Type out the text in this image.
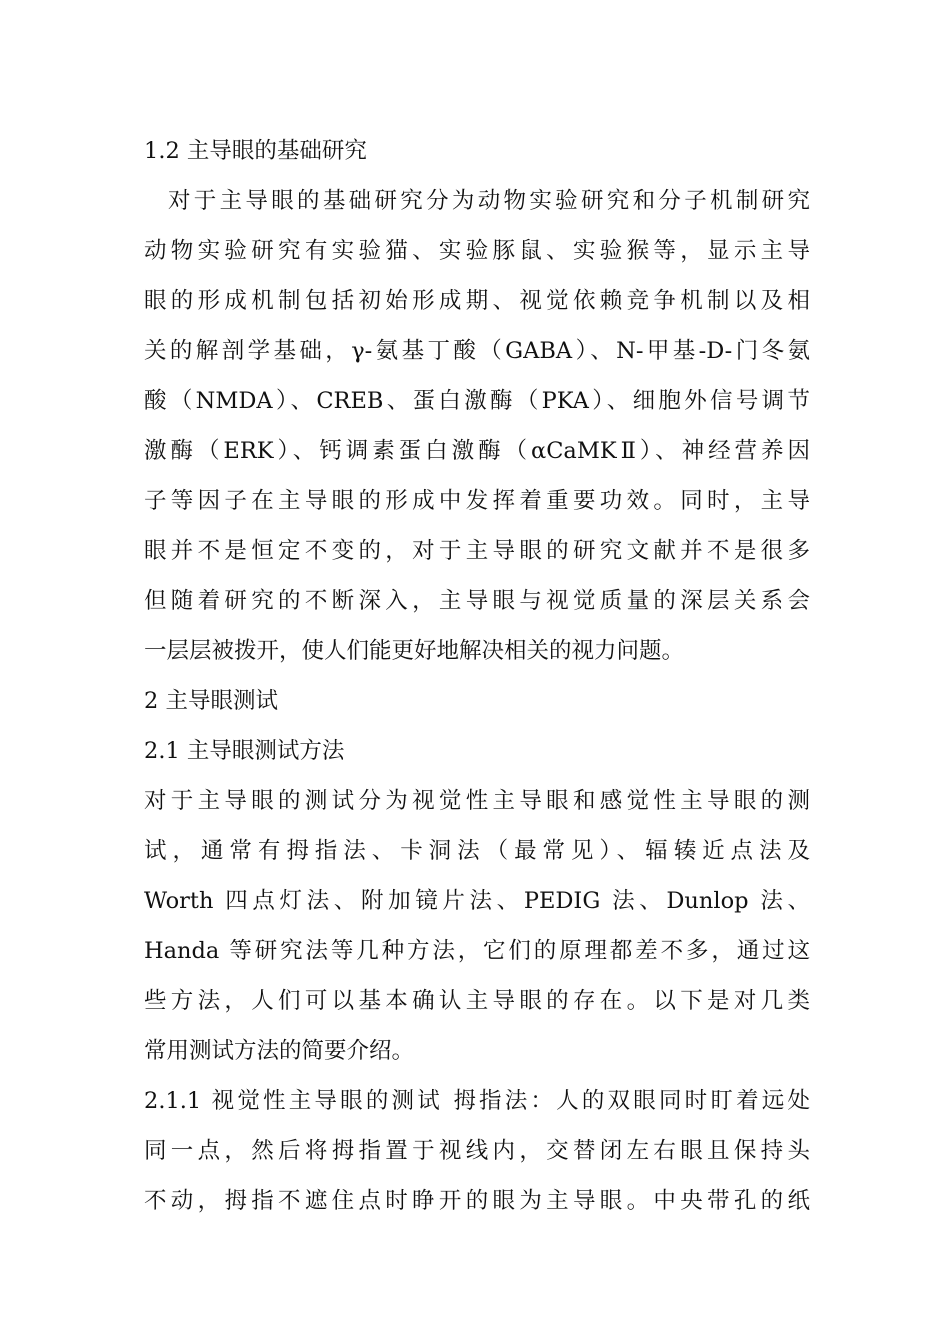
1.2 主导眼的基础研究
对于主导眼的基础研究分为动物实验研究和分子机制研究
动物实验研究有实验猫、实验豚鼠、实验猴等，显示主导
眼的形成机制包括初始形成期、视觉依赖竞争机制以及相
关的解剖学基础，γ-氨基丁酸（GABA）、N-甲基-D-门冬氨
酸（NMDA）、CREB、蛋白激酶（PKA）、细胞外信号调节
激酶（ERK）、钙调素蛋白激酶（αCaMKⅡ）、神经营养因
子等因子在主导眼的形成中发挥着重要功效。同时，主导
眼并不是恒定不变的，对于主导眼的研究文献并不是很多
但随着研究的不断深入，主导眼与视觉质量的深层关系会
一层层被拨开，使人们能更好地解决相关的视力问题。
2 主导眼测试
2.1 主导眼测试方法
对于主导眼的测试分为视觉性主导眼和感觉性主导眼的测
试，通常有拇指法、卡洞法（最常见）、辐辏近点法及
Worth 四点灯法、附加镜片法、PEDIG 法、Dunlop 法、
Handa 等研究法等几种方法，它们的原理都差不多，通过这
些方法，人们可以基本确认主导眼的存在。以下是对几类
常用测试方法的简要介绍。
2.1.1 视觉性主导眼的测试 拇指法：人的双眼同时盯着远处
同一点，然后将拇指置于视线内，交替闭左右眼且保持头
不动，拇指不遮住点时睁开的眼为主导眼。中央带孔的纸
